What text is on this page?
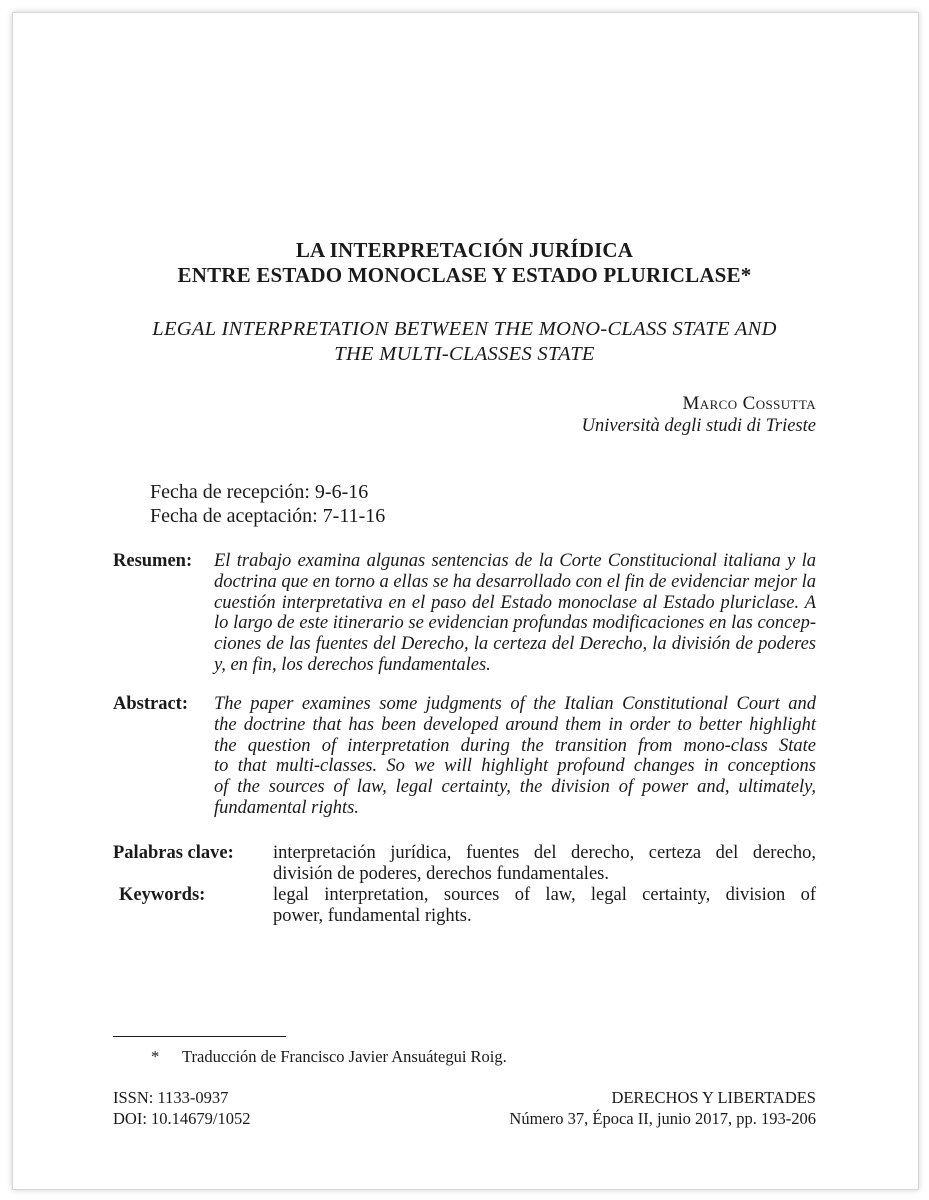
LA INTERPRETACIÓN JURÍDICA
ENTRE ESTADO MONOCLASE Y ESTADO PLURICLASE*
LEGAL INTERPRETATION BETWEEN THE MONO-CLASS STATE AND
THE MULTI-CLASSES STATE
Marco Cossutta
Università degli studi di Trieste
Fecha de recepción: 9-6-16
Fecha de aceptación: 7-11-16
Resumen: El trabajo examina algunas sentencias de la Corte Constitucional italiana y la
doctrina que en torno a ellas se ha desarrollado con el fin de evidenciar mejor la
cuestión interpretativa en el paso del Estado monoclase al Estado pluriclase. A
lo largo de este itinerario se evidencian profundas modificaciones en las concep-
ciones de las fuentes del Derecho, la certeza del Derecho, la división de poderes
y, en fin, los derechos fundamentales.
Abstract: The paper examines some judgments of the Italian Constitutional Court and
the doctrine that has been developed around them in order to better highlight
the question of interpretation during the transition from mono-class State
to that multi-classes. So we will highlight profound changes in conceptions
of the sources of law, legal certainty, the division of power and, ultimately,
fundamental rights.
Palabras clave: interpretación jurídica, fuentes del derecho, certeza del derecho,
división de poderes, derechos fundamentales.
Keywords:	legal interpretation, sources of law, legal certainty, division of
power, fundamental rights.
* Traducción de Francisco Javier Ansuátegui Roig.
ISSN: 1133-0937
DOI: 10.14679/1052
DERECHOS Y LIBERTADES
Número 37, Época II, junio 2017, pp. 193-206
